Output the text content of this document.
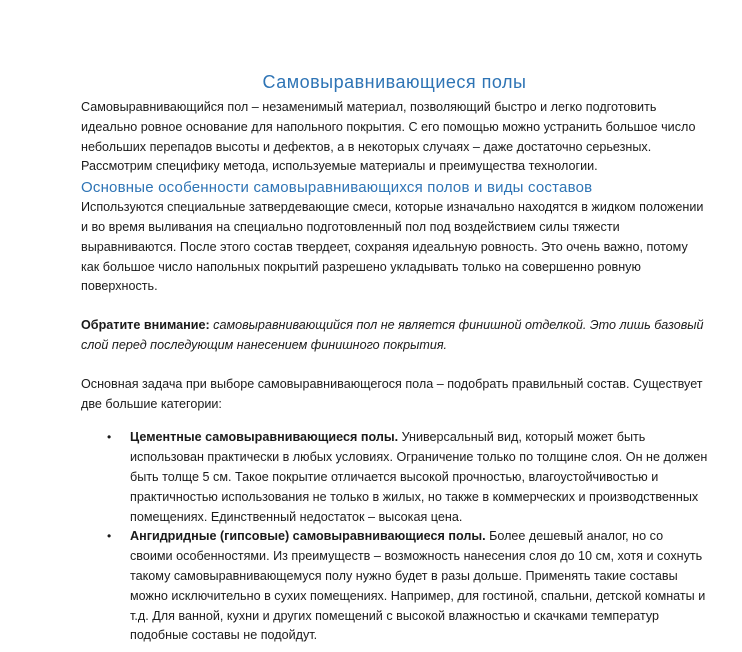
Самовыравнивающиеся полы

Самовыравнивающийся пол – незаменимый материал, позволяющий быстро и легко подготовить идеально ровное основание для напольного покрытия. С его помощью можно устранить большое число небольших перепадов высоты и дефектов, а в некоторых случаях – даже достаточно серьезных. Рассмотрим специфику метода, используемые материалы и преимущества технологии.

Основные особенности самовыравнивающихся полов и виды составов

Используются специальные затвердевающие смеси, которые изначально находятся в жидком положении и во время выливания на специально подготовленный пол под воздействием силы тяжести выравниваются. После этого состав твердеет, сохраняя идеальную ровность. Это очень важно, потому как большое число напольных покрытий разрешено укладывать только на совершенно ровную поверхность.

Обратите внимание: самовыравнивающийся пол не является финишной отделкой. Это лишь базовый слой перед последующим нанесением финишного покрытия.

Основная задача при выборе самовыравнивающегося пола – подобрать правильный состав. Существует две большие категории:

• Цементные самовыравнивающиеся полы. Универсальный вид, который может быть использован практически в любых условиях. Ограничение только по толщине слоя. Он не должен быть толще 5 см. Такое покрытие отличается высокой прочностью, влагоустойчивостью и практичностью использования не только в жилых, но также в коммерческих и производственных помещениях. Единственный недостаток – высокая цена.
• Ангидридные (гипсовые) самовыравнивающиеся полы. Более дешевый аналог, но со своими особенностями. Из преимуществ – возможность нанесения слоя до 10 см, хотя и сохнуть такому самовыравнивающемуся полу нужно будет в разы дольше. Применять такие составы можно исключительно в сухих помещениях. Например, для гостиной, спальни, детской комнаты и т.д. Для ванной, кухни и других помещений с высокой влажностью и скачками температур подобные составы не подойдут.
